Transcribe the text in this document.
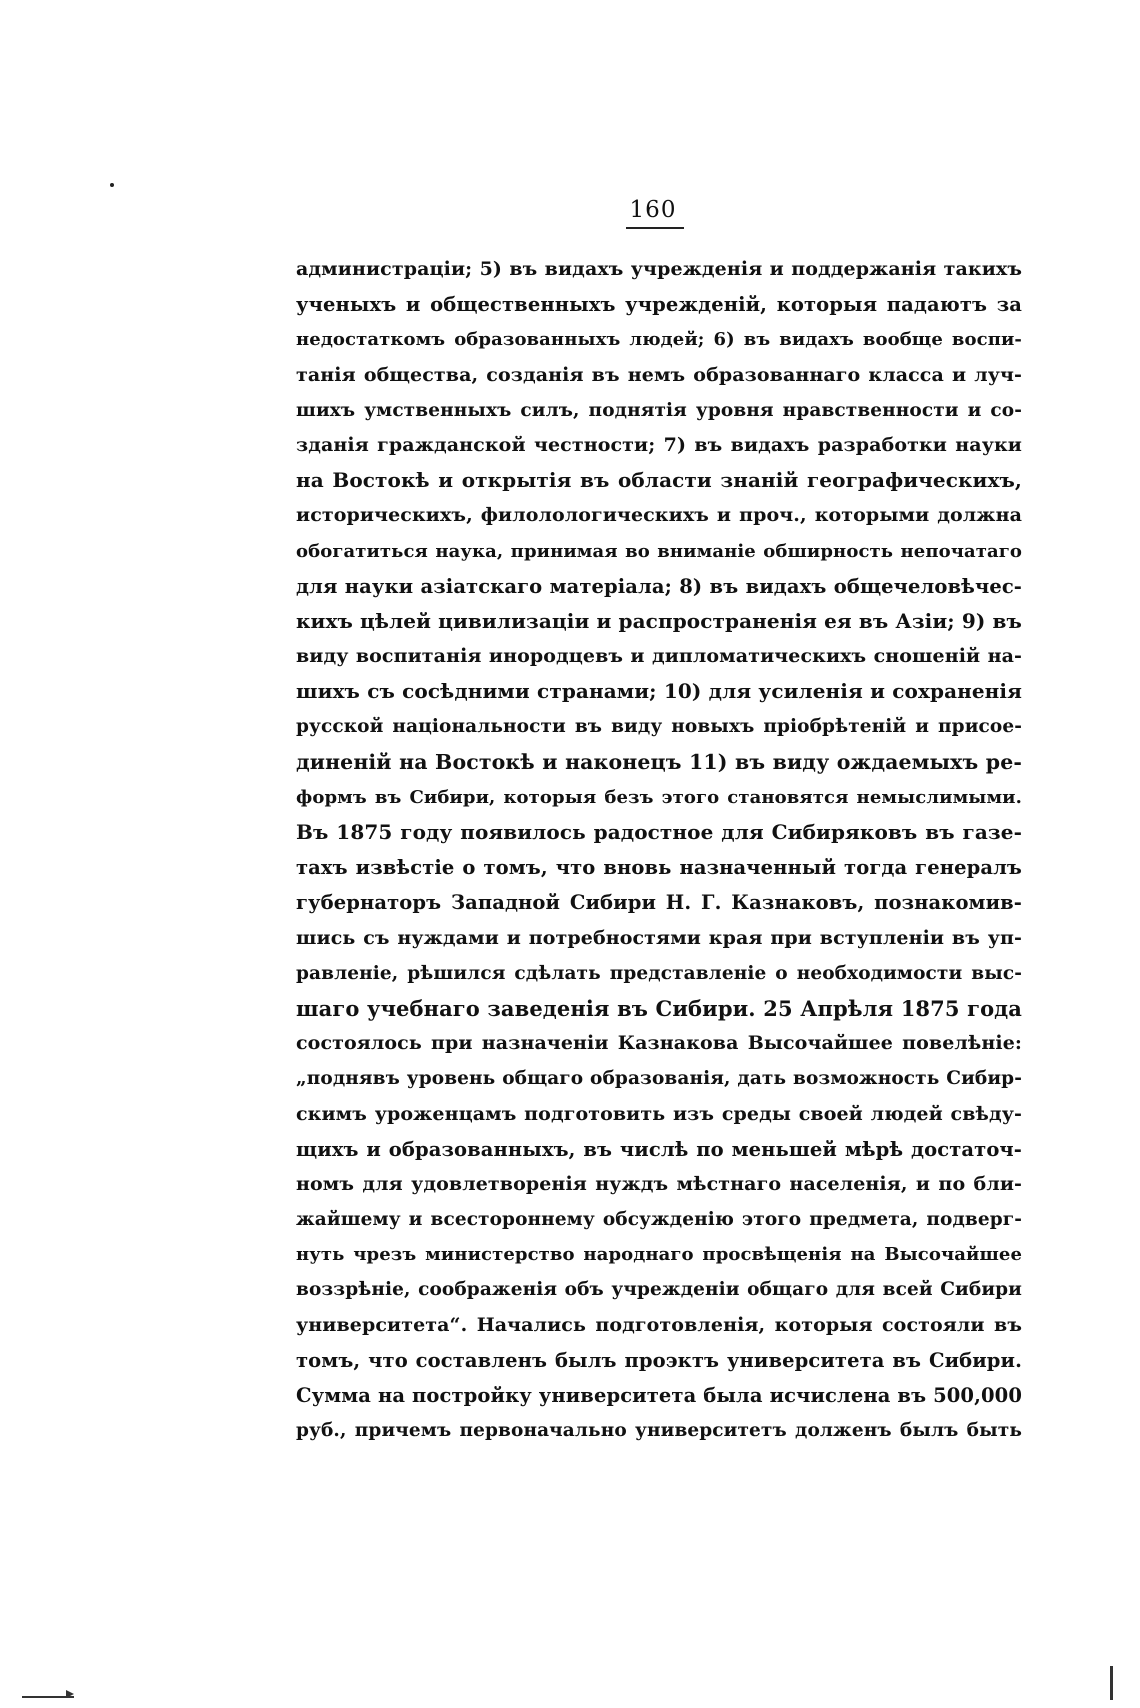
160
администраціи; 5) въ видахъ учрежденія и поддержанія такихъ
ученыхъ и общественныхъ учрежденій, которыя падаютъ за
недостаткомъ образованныхъ людей; 6) въ видахъ вообще воспи-
танія общества, созданія въ немъ образованнаго класса и луч-
шихъ умственныхъ силъ, поднятія уровня нравственности и со-
зданія гражданской честности; 7) въ видахъ разработки науки
на Востокѣ и открытія въ области знаній географическихъ,
историческихъ, филолологическихъ и проч., которыми должна
обогатиться наука, принимая во вниманіе обширность непочатаго
для науки азіатскаго матеріала; 8) въ видахъ общечеловѣчес-
кихъ цѣлей цивилизаціи и распространенія ея въ Азіи; 9) въ
виду воспитанія инородцевъ и дипломатическихъ сношеній на-
шихъ съ сосѣдними странами; 10) для усиленія и сохраненія
русской національности въ виду новыхъ пріобрѣтеній и присое-
диненій на Востокѣ и наконецъ 11) въ виду ождаемыхъ ре-
формъ въ Сибири, которыя безъ этого становятся немыслимыми.
Въ 1875 году появилось радостное для Сибиряковъ въ газе-
тахъ извѣстіе о томъ, что вновь назначенный тогда генералъ
губернаторъ Западной Сибири Н. Г. Казнаковъ, познакомив-
шись съ нуждами и потребностями края при вступленіи въ уп-
равленіе, рѣшился сдѣлать представленіе о необходимости выс-
шаго учебнаго заведенія въ Сибири. 25 Апрѣля 1875 года
состоялось при назначеніи Казнакова Высочайшее повелѣніе:
„поднявъ уровень общаго образованія, дать возможность Сибир-
скимъ уроженцамъ подготовить изъ среды своей людей свѣду-
щихъ и образованныхъ, въ числѣ по меньшей мѣрѣ достаточ-
номъ для удовлетворенія нуждъ мѣстнаго населенія, и по бли-
жайшему и всестороннему обсужденію этого предмета, подверг-
нуть чрезъ министерство народнаго просвѣщенія на Высочайшее
воззрѣніе, соображенія объ учрежденіи общаго для всей Сибири
университета“. Начались подготовленія, которыя состояли въ
томъ, что составленъ былъ проэктъ университета въ Сибири.
Сумма на постройку университета была исчислена въ 500,000
руб., причемъ первоначально университетъ долженъ былъ быть
